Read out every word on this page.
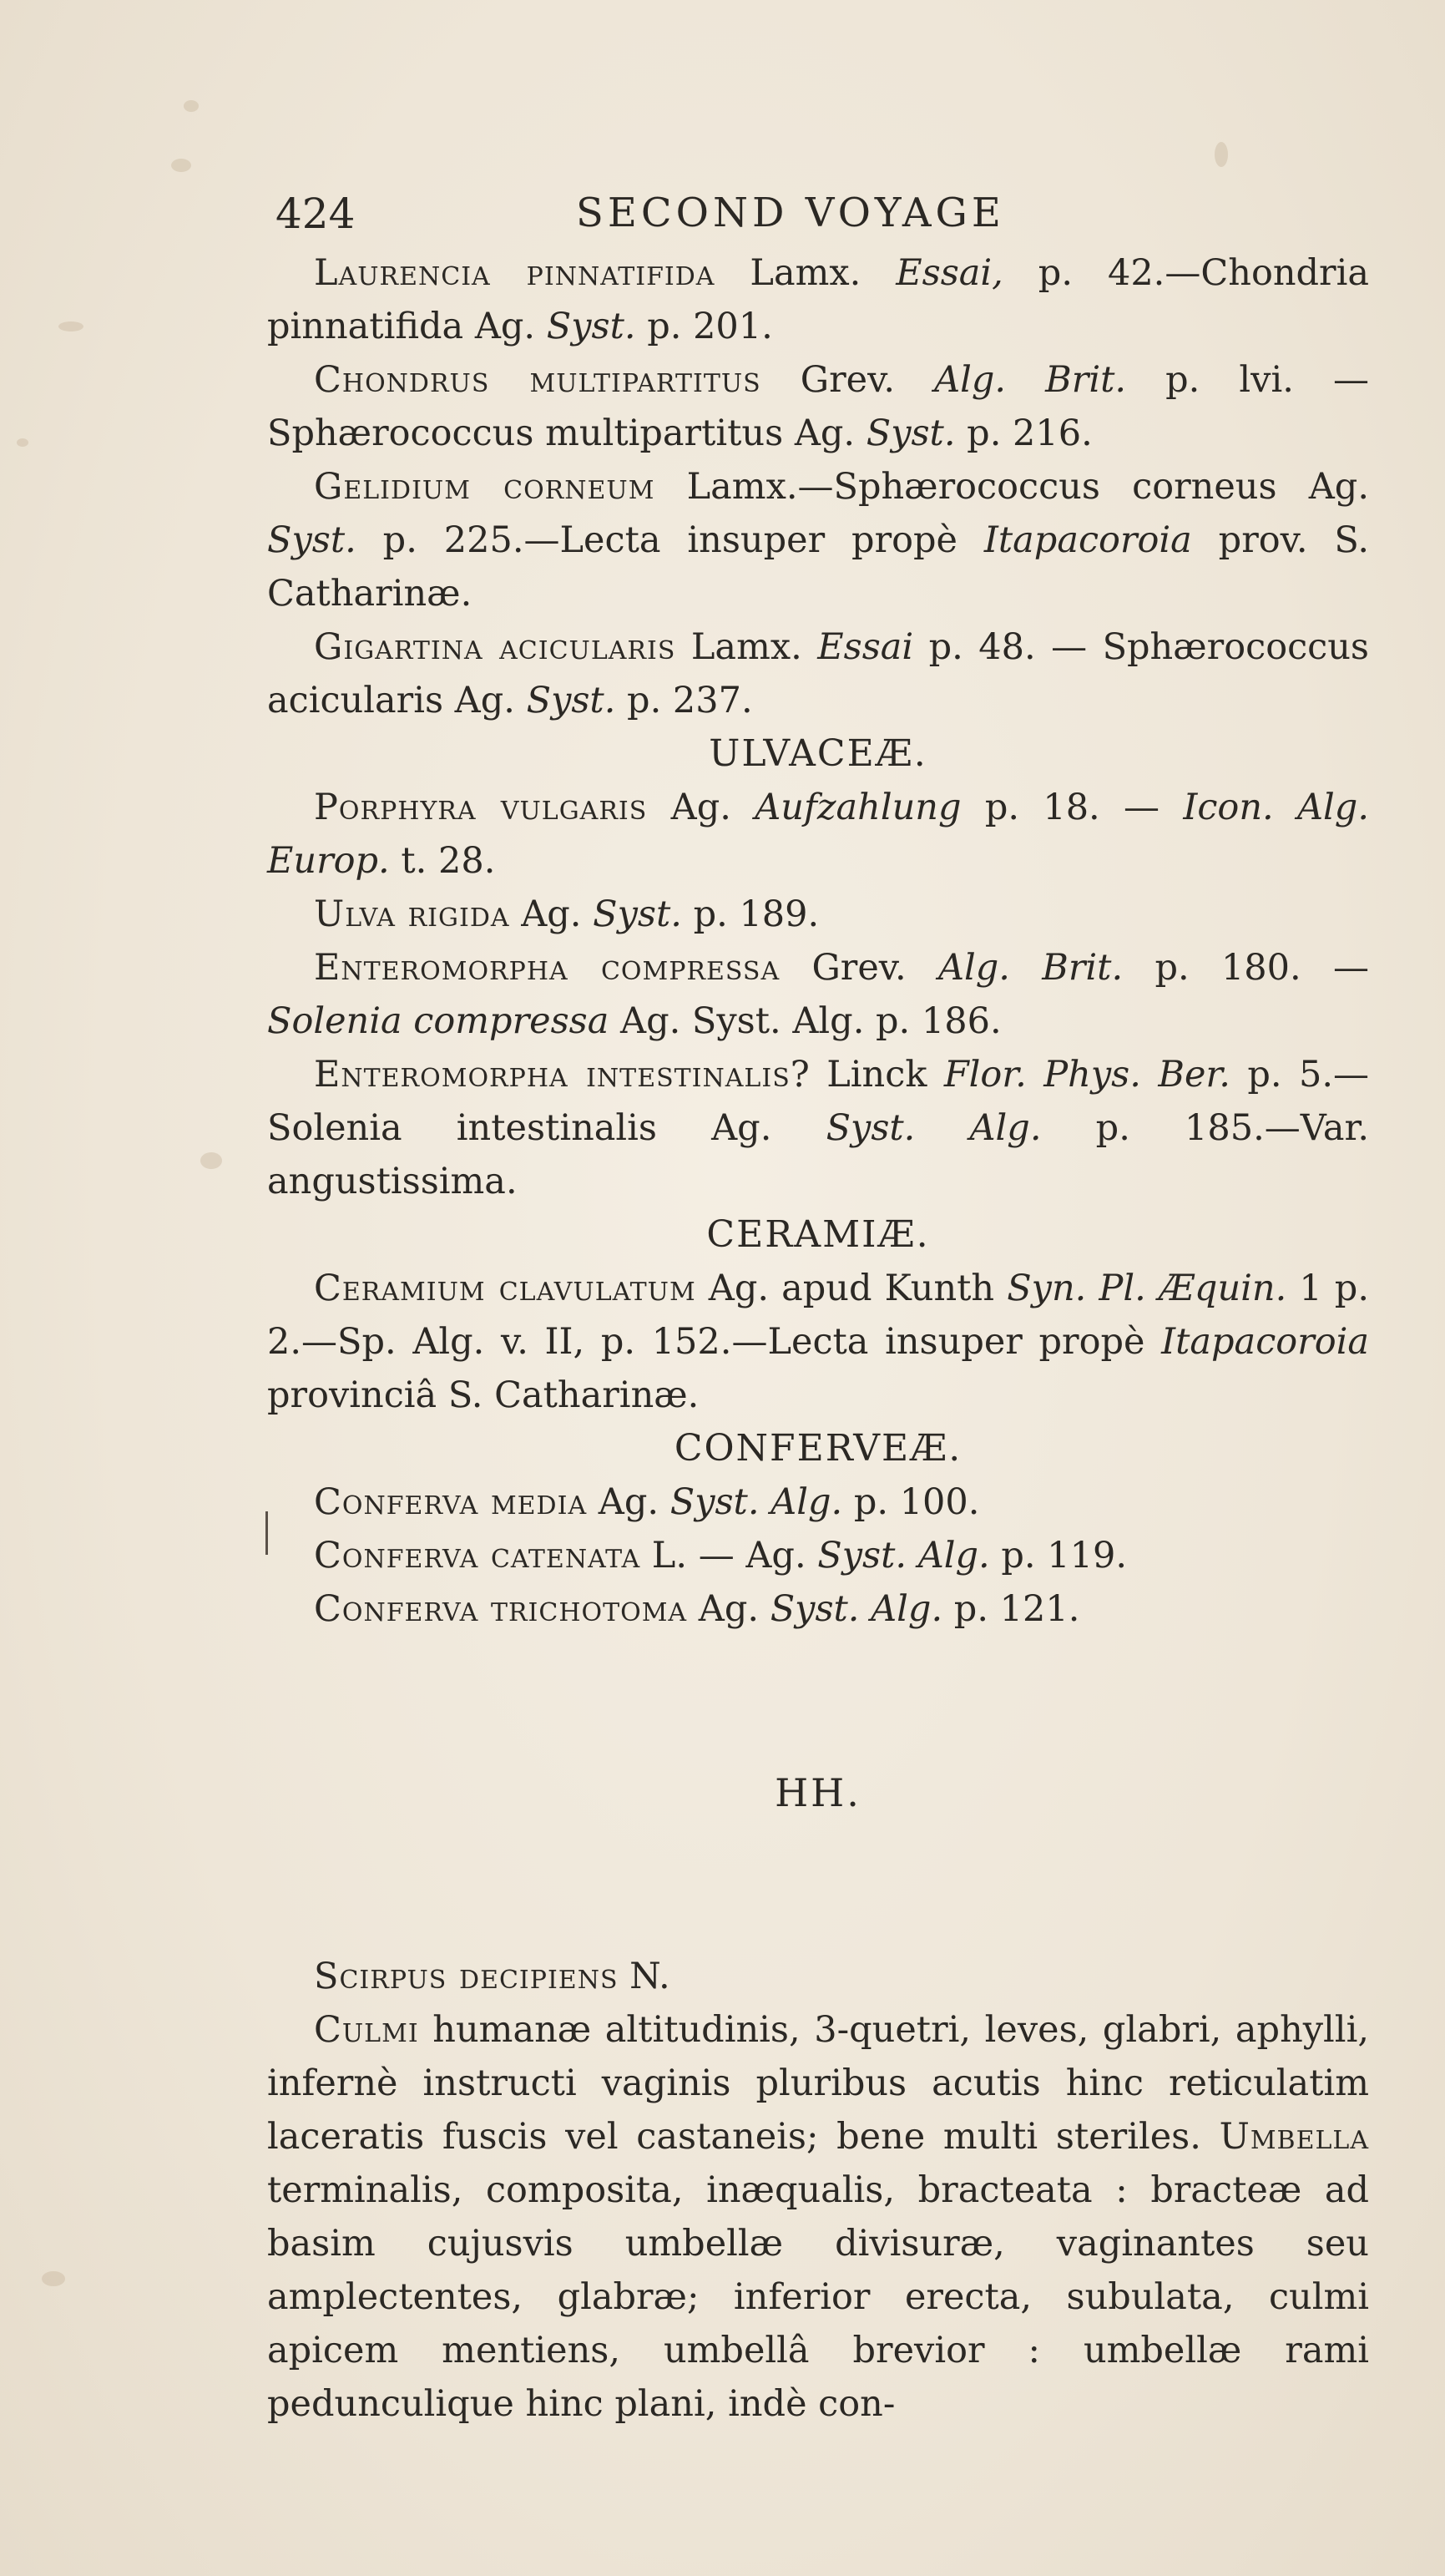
424	SECOND VOYAGE

Laurencia pinnatifida Lamx. Essai, p. 42.—Chondria pinnatifida Ag. Syst. p. 201.

Chondrus multipartitus Grev. Alg. Brit. p. lvi. — Sphærococcus multipartitus Ag. Syst. p. 216.

Gelidium corneum Lamx.—Sphærococcus corneus Ag. Syst. p. 225.—Lecta insuper propè Itapacoroia prov. S. Catharinæ.

Gigartina acicularis Lamx. Essai p. 48. — Sphærococcus acicularis Ag. Syst. p. 237.

ULVACEÆ.

Porphyra vulgaris Ag. Aufzahlung p. 18. — Icon. Alg. Europ. t. 28.

Ulva rigida Ag. Syst. p. 189.

Enteromorpha compressa Grev. Alg. Brit. p. 180. — Solenia compressa Ag. Syst. Alg. p. 186.

Enteromorpha intestinalis? Linck Flor. Phys. Ber. p. 5.— Solenia intestinalis Ag. Syst. Alg. p. 185.—Var. angustissima.

CERAMIÆ.

Ceramium clavulatum Ag. apud Kunth Syn. Pl. Æquin. 1 p. 2.—Sp. Alg. v. II, p. 152.—Lecta insuper propè Itapacoroia provinciâ S. Catharinæ.

CONFERVEÆ.

Conferva media Ag. Syst. Alg. p. 100.

Conferva catenata L. — Ag. Syst. Alg. p. 119.

Conferva trichotoma Ag. Syst. Alg. p. 121.

HH.

Scirpus decipiens N.

Culmi humanæ altitudinis, 3-quetri, leves, glabri, aphylli, infernè instructi vaginis pluribus acutis hinc reticulatim laceratis fuscis vel castaneis; bene multi steriles. Umbella terminalis, composita, inæqualis, bracteata : bracteæ ad basim cujusvis umbellæ divisuræ, vaginantes seu amplectentes, glabræ; inferior erecta, subulata, culmi apicem mentiens, umbellâ brevior : umbellæ rami pedunculique hinc plani, indè con-
